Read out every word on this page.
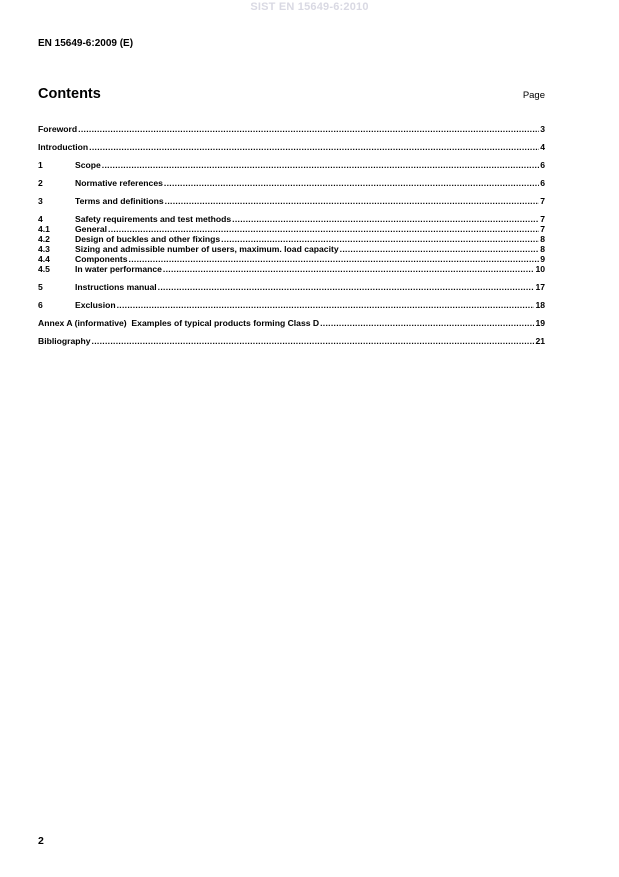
SIST EN 15649-6:2010
EN 15649-6:2009 (E)
Contents	Page
Foreword .....	3
Introduction .....	4
1	Scope .....	6
2	Normative references .....	6
3	Terms and definitions .....	7
4	Safety requirements and test methods .....	7
4.1	General .....	7
4.2	Design of buckles and other fixings .....	8
4.3	Sizing and admissible number of users, maximum. load capacity .....	8
4.4	Components .....	9
4.5	In water performance .....	10
5	Instructions manual .....	17
6	Exclusion .....	18
Annex A (informative)  Examples of typical products forming Class D .....	19
Bibliography .....	21
2
